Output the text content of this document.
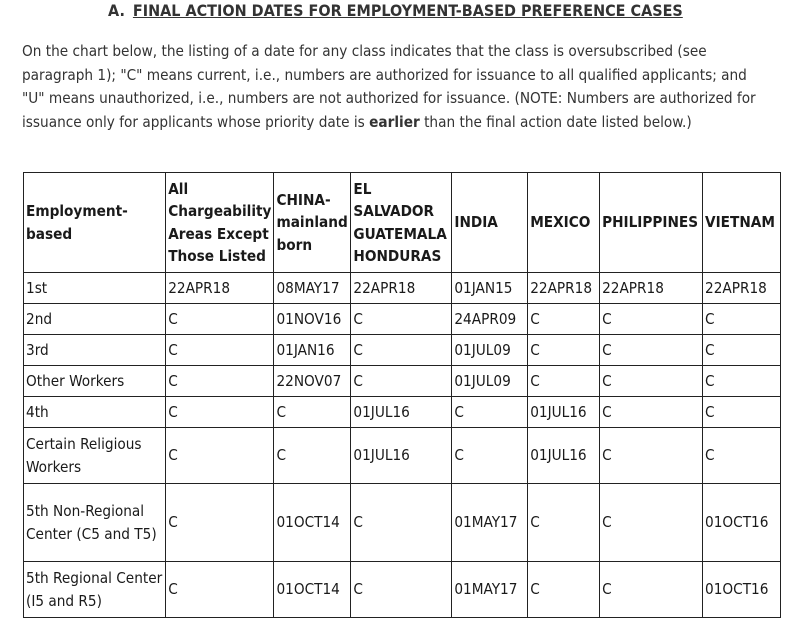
A. FINAL ACTION DATES FOR EMPLOYMENT-BASED PREFERENCE CASES

On the chart below, the listing of a date for any class indicates that the class is oversubscribed (see paragraph 1); "C" means current, i.e., numbers are authorized for issuance to all qualified applicants; and "U" means unauthorized, i.e., numbers are not authorized for issuance. (NOTE: Numbers are authorized for issuance only for applicants whose priority date is earlier than the final action date listed below.)

Employment-based	All Chargeability Areas Except Those Listed	CHINA-mainland born	EL SALVADOR GUATEMALA HONDURAS	INDIA	MEXICO	PHILIPPINES	VIETNAM
1st	22APR18	08MAY17	22APR18	01JAN15	22APR18	22APR18	22APR18
2nd	C	01NOV16	C	24APR09	C	C	C
3rd	C	01JAN16	C	01JUL09	C	C	C
Other Workers	C	22NOV07	C	01JUL09	C	C	C
4th	C	C	01JUL16	C	01JUL16	C	C
Certain Religious Workers	C	C	01JUL16	C	01JUL16	C	C
5th Non-Regional Center (C5 and T5)	C	01OCT14	C	01MAY17	C	C	01OCT16
5th Regional Center (I5 and R5)	C	01OCT14	C	01MAY17	C	C	01OCT16
